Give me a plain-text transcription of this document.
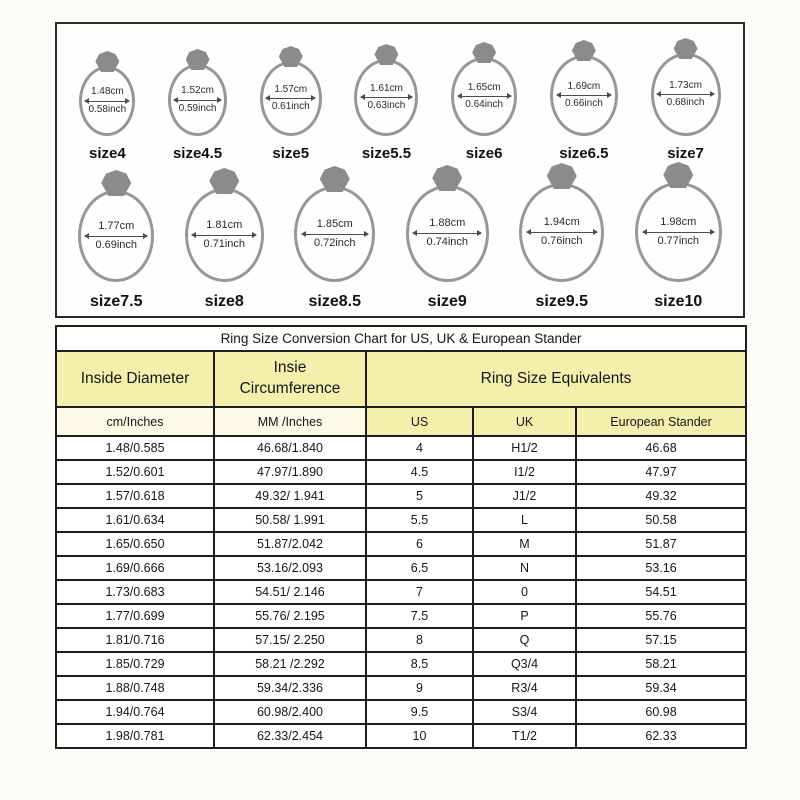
1.48cm
0.58inch
size4
1.52cm
0.59inch
size4.5
1.57cm
0.61inch
size5
1.61cm
0.63inch
size5.5
1.65cm
0.64inch
size6
1.69cm
0.66inch
size6.5
1.73cm
0.68inch
size7
1.77cm
0.69inch
size7.5
1.81cm
0.71inch
size8
1.85cm
0.72inch
size8.5
1.88cm
0.74inch
size9
1.94cm
0.76inch
size9.5
1.98cm
0.77inch
size10
Ring Size Conversion Chart for US, UK & European Stander				
Inside Diameter	Insie Circumference	Ring Size Equivalents		
cm/Inches	MM /Inches	US	UK	European Stander
1.48/0.585	46.68/1.840	4	H1/2	46.68
1.52/0.601	47.97/1.890	4.5	I1/2	47.97
1.57/0.618	49.32/ 1.941	5	J1/2	49.32
1.61/0.634	50.58/ 1.991	5.5	L	50.58
1.65/0.650	51.87/2.042	6	M	51.87
1.69/0.666	53.16/2.093	6.5	N	53.16
1.73/0.683	54.51/ 2.146	7	0	54.51
1.77/0.699	55.76/ 2.195	7.5	P	55.76
1.81/0.716	57.15/ 2.250	8	Q	57.15
1.85/0.729	58.21 /2.292	8.5	Q3/4	58.21
1.88/0.748	59.34/2.336	9	R3/4	59.34
1.94/0.764	60.98/2.400	9.5	S3/4	60.98
1.98/0.781	62.33/2.454	10	T1/2	62.33
